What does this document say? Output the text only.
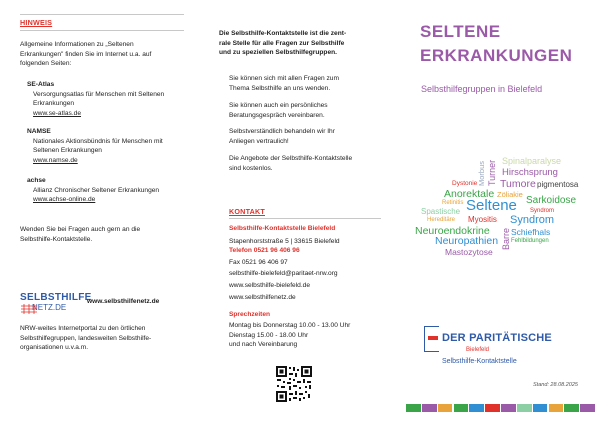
HINWEIS
Allgemeine Informationen zu „Seltenen
Erkrankungen" finden Sie im Internet u.a. auf
folgenden Seiten:
SE-Atlas
Versorgungsatlas für Menschen mit Seltenen
Erkrankungen
www.se-atlas.de
NAMSE
Nationales Aktionsbündnis für Menschen mit
Seltenen Erkrankungen
www.namse.de
achse
Allianz Chronischer Seltener Erkrankungen
www.achse-online.de
Wenden Sie bei Fragen auch gern an die
Selbsthilfe-Kontaktstelle.
SELBSTHILFE
NETZ.DE
www.selbsthilfenetz.de
NRW-weites Internetportal zu den örtlichen
Selbsthilfegruppen, landesweiten Selbsthilfe-
organisationen u.v.a.m.
Die Selbsthilfe-Kontaktstelle ist die zent-
rale Stelle für alle Fragen zur Selbsthilfe
und zu speziellen Selbsthilfegruppen.
Sie können sich mit allen Fragen zum
Thema Selbsthilfe an uns wenden.
Sie können auch ein persönliches
Beratungsgespräch vereinbaren.
Selbstverständlich behandeln wir Ihr
Anliegen vertraulich!
Die Angebote der Selbsthilfe-Kontaktstelle
sind kostenlos.
KONTAKT
Selbsthilfe-Kontaktstelle Bielefeld
Stapenhorststraße 5 | 33615 Bielefeld
Telefon 0521 96 406 96
Fax 0521 96 406 97
selbsthilfe-bielefeld@paritaet-nrw.org
www.selbsthilfe-bielefeld.de
www.selbsthilfenetz.de
Sprechzeiten
Montag bis Donnerstag 10.00 - 13.00 Uhr
Dienstag 15.00 - 18.00 Uhr
und nach Vereinbarung
SELTENE
ERKRANKUNGEN
Selbsthilfegruppen in Bielefeld
Spinalparalyse
Hirschsprung
Morbus Turner
Dystonie Tumore pigmentosa
Anorektale Zöliakie
Retinitis	Sarkoidose
Seltene
Spastische	Syndrom
Hereditäre Myositis Syndrom
Barre
Neuroendokrine	Schiefhals
Neuropathien Fehlbildungen
Mastozytose
DER PARITÄTISCHE
Bielefeld
Selbsthilfe-Kontaktstelle
Stand: 28.08.2025
